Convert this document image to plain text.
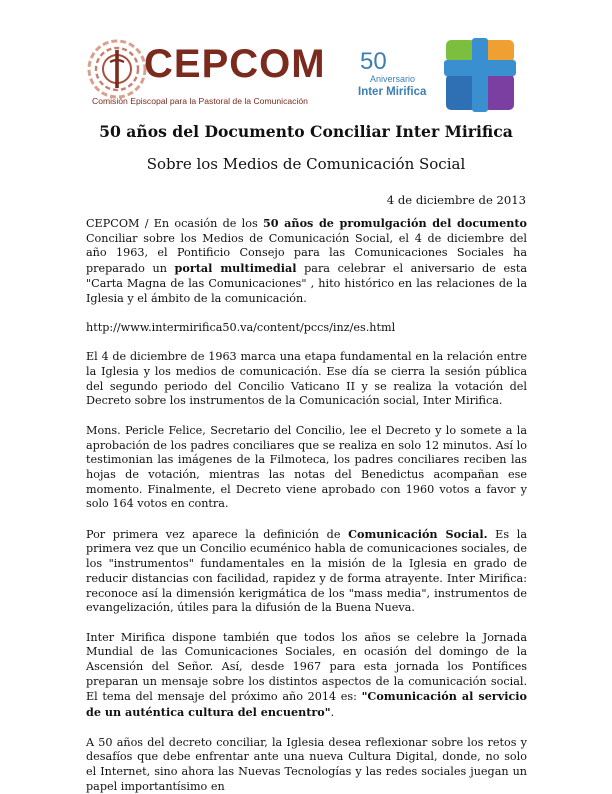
CEPCOM
Comisión Episcopal para la Pastoral de la Comunicación
50
Aniversario
Inter Mirifica
50 años del Documento Conciliar Inter Mirifica
Sobre los Medios de Comunicación Social
4 de diciembre de 2013

CEPCOM / En ocasión de los 50 años de promulgación del documento Conciliar sobre los Medios de Comunicación Social, el 4 de diciembre del año 1963, el Pontificio Consejo para las Comunicaciones Sociales ha preparado un portal multimedial para celebrar el aniversario de esta "Carta Magna de las Comunicaciones" , hito histórico en las relaciones de la Iglesia y el ámbito de la comunicación.

http://www.intermirifica50.va/content/pccs/inz/es.html

El 4 de diciembre de 1963 marca una etapa fundamental en la relación entre la Iglesia y los medios de comunicación. Ese día se cierra la sesión pública del segundo periodo del Concilio Vaticano II y se realiza la votación del Decreto sobre los instrumentos de la Comunicación social, Inter Mirifica.

Mons. Pericle Felice, Secretario del Concilio, lee el Decreto y lo somete a la aprobación de los padres conciliares que se realiza en solo 12 minutos. Así lo testimonian las imágenes de la Filmoteca, los padres conciliares reciben las hojas de votación, mientras las notas del Benedictus acompañan ese momento. Finalmente, el Decreto viene aprobado con 1960 votos a favor y solo 164 votos en contra.

Por primera vez aparece la definición de Comunicación Social. Es la primera vez que un Concilio ecuménico habla de comunicaciones sociales, de los "instrumentos" fundamentales en la misión de la Iglesia en grado de reducir distancias con facilidad, rapidez y de forma atrayente. Inter Mirifica: reconoce así la dimensión kerigmática de los "mass media", instrumentos de evangelización, útiles para la difusión de la Buena Nueva.

Inter Mirifica dispone también que todos los años se celebre la Jornada Mundial de las Comunicaciones Sociales, en ocasión del domingo de la Ascensión del Señor. Así, desde 1967 para esta jornada los Pontífices preparan un mensaje sobre los distintos aspectos de la comunicación social. El tema del mensaje del próximo año 2014 es: "Comunicación al servicio de un auténtica cultura del encuentro".

A 50 años del decreto conciliar, la Iglesia desea reflexionar sobre los retos y desafíos que debe enfrentar ante una nueva Cultura Digital, donde, no solo el Internet, sino ahora las Nuevas Tecnologías y las redes sociales juegan un papel importantísimo en
